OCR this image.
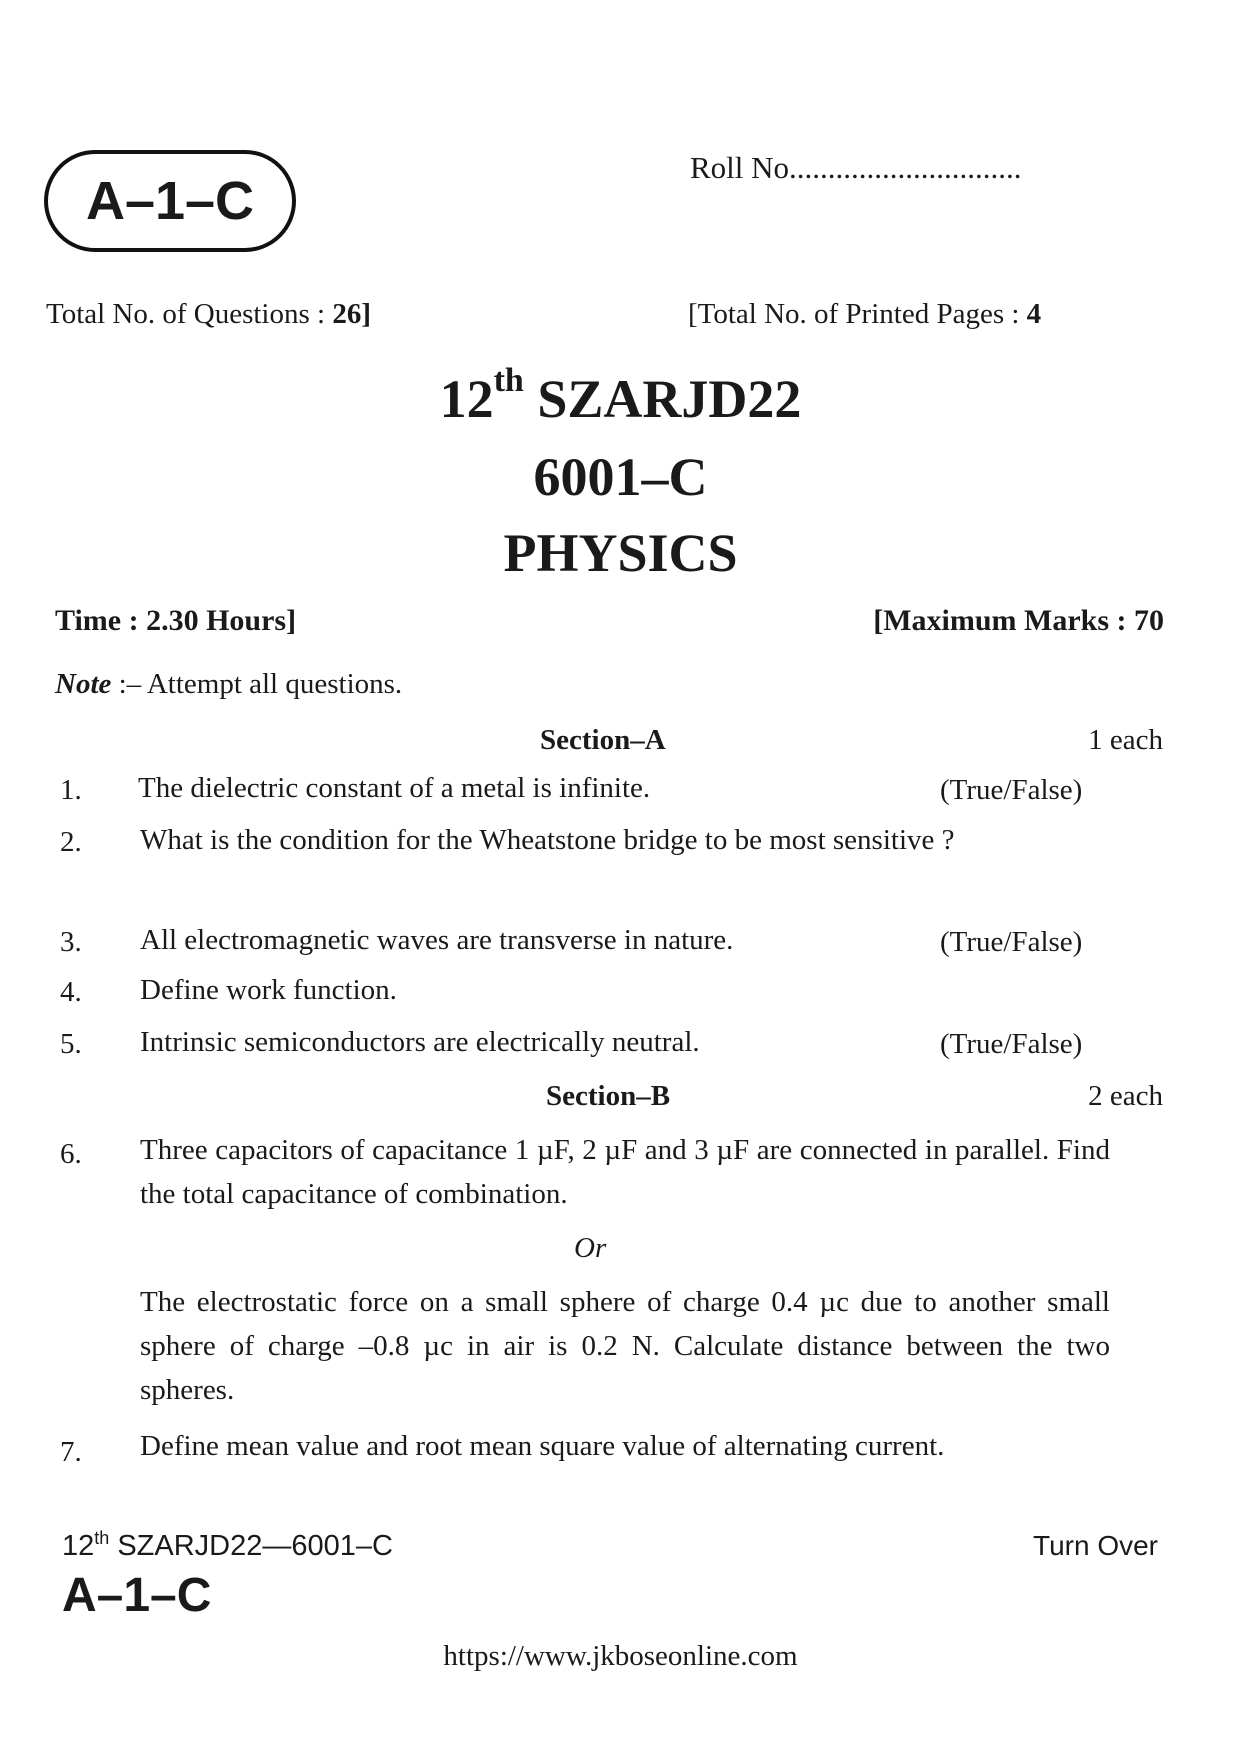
A–1–C
Roll No..............................
Total No. of Questions : 26]	[Total No. of Printed Pages : 4
12th SZARJD22
6001–C
PHYSICS
Time : 2.30 Hours]	[Maximum Marks : 70
Note :– Attempt all questions.
Section–A	1 each
1. The dielectric constant of a metal is infinite.	(True/False)
2. What is the condition for the Wheatstone bridge to be most sensitive ?
3. All electromagnetic waves are transverse in nature.	(True/False)
4. Define work function.
5. Intrinsic semiconductors are electrically neutral.	(True/False)
Section–B	2 each
6. Three capacitors of capacitance 1 µF, 2 µF and 3 µF are connected in parallel. Find the total capacitance of combination.
Or
The electrostatic force on a small sphere of charge 0.4 µc due to another small sphere of charge –0.8 µc in air is 0.2 N. Calculate distance between the two spheres.
7. Define mean value and root mean square value of alternating current.
12th SZARJD22—6001–C
A–1–C
Turn Over
https://www.jkboseonline.com
